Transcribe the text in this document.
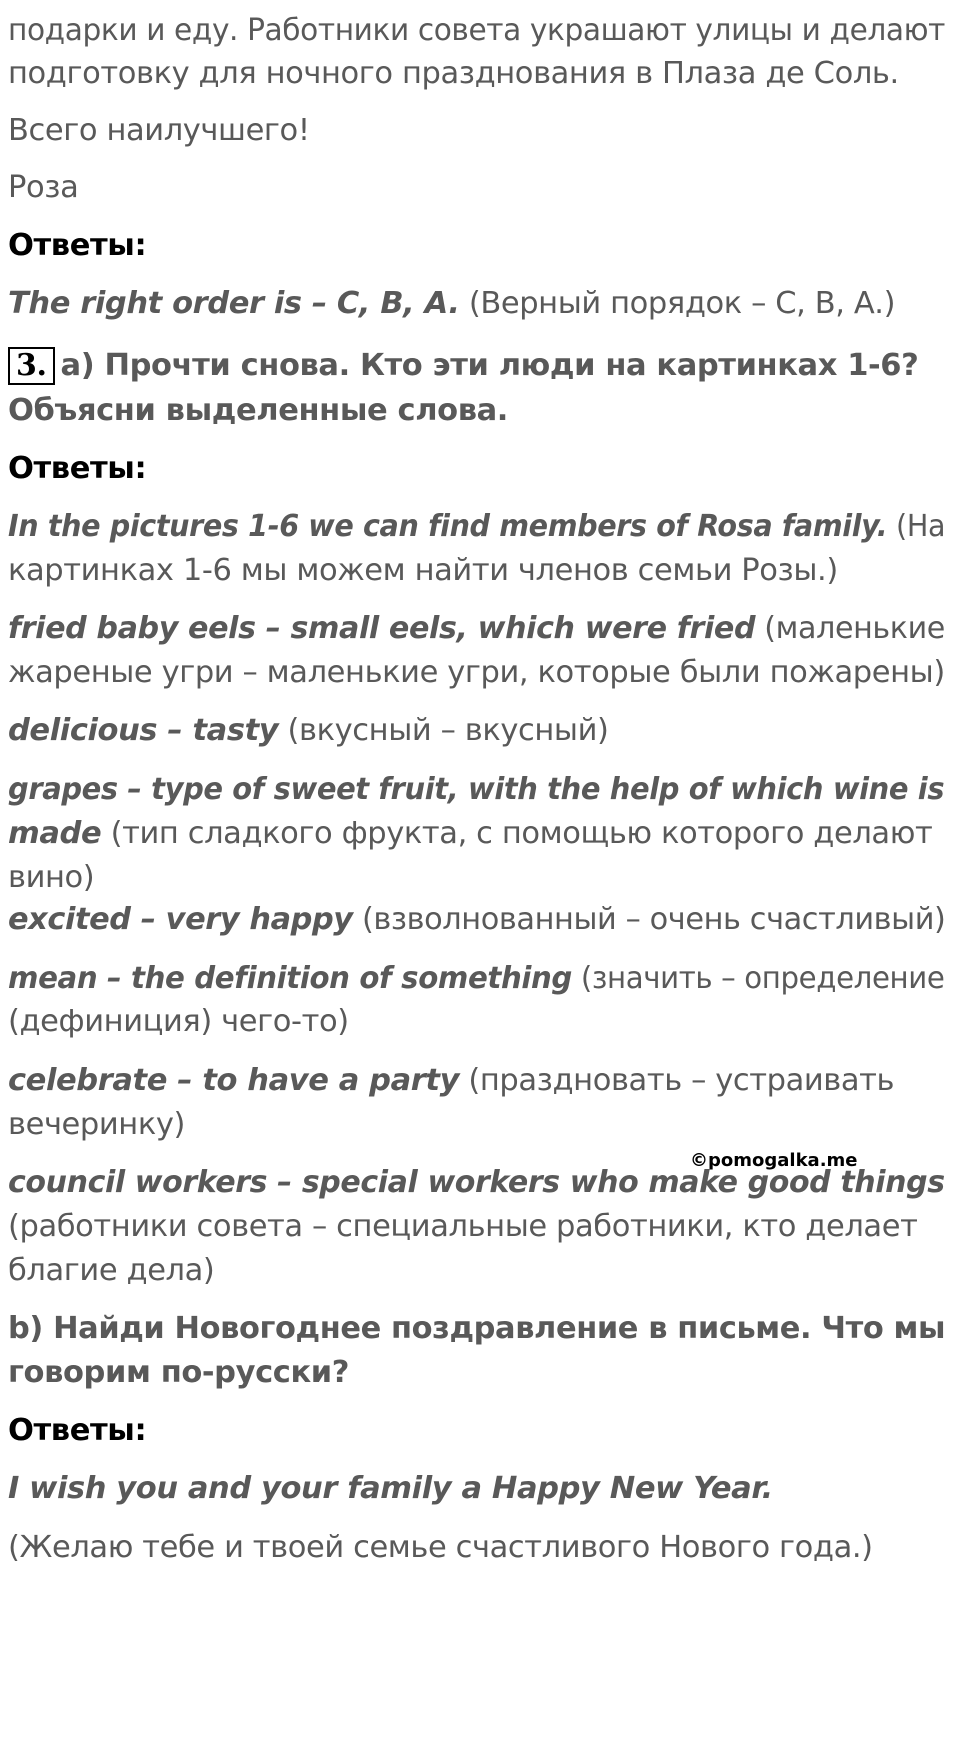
подарки и еду. Работники совета украшают улицы и делают

подготовку для ночного празднования в Плаза де Соль.

Всего наилучшего!

Роза

Ответы:

The right order is – C, B, A. (Верный порядок – С, В, А.)

3. a) Прочти снова. Кто эти люди на картинках 1-6?

Объясни выделенные слова.

Ответы:

In the pictures 1-6 we can find members of Rosa family. (На

картинках 1-6 мы можем найти членов семьи Розы.)

fried baby eels – small eels, which were fried (маленькие

жареные угри – маленькие угри, которые были пожарены)

delicious – tasty (вкусный – вкусный)

grapes – type of sweet fruit, with the help of which wine is

made (тип сладкого фрукта, с помощью которого делают

вино)

excited – very happy (взволнованный – очень счастливый)

mean – the definition of something (значить – определение

(дефиниция) чего-то)

©pomogalka.me

celebrate – to have a party (праздновать – устраивать

вечеринку)

council workers – special workers who make good things

(работники совета – специальные работники, кто делает

благие дела)

b) Найди Новогоднее поздравление в письме. Что мы

говорим по-русски?

Ответы:

I wish you and your family a Happy New Year.

(Желаю тебе и твоей семье счастливого Нового года.)
